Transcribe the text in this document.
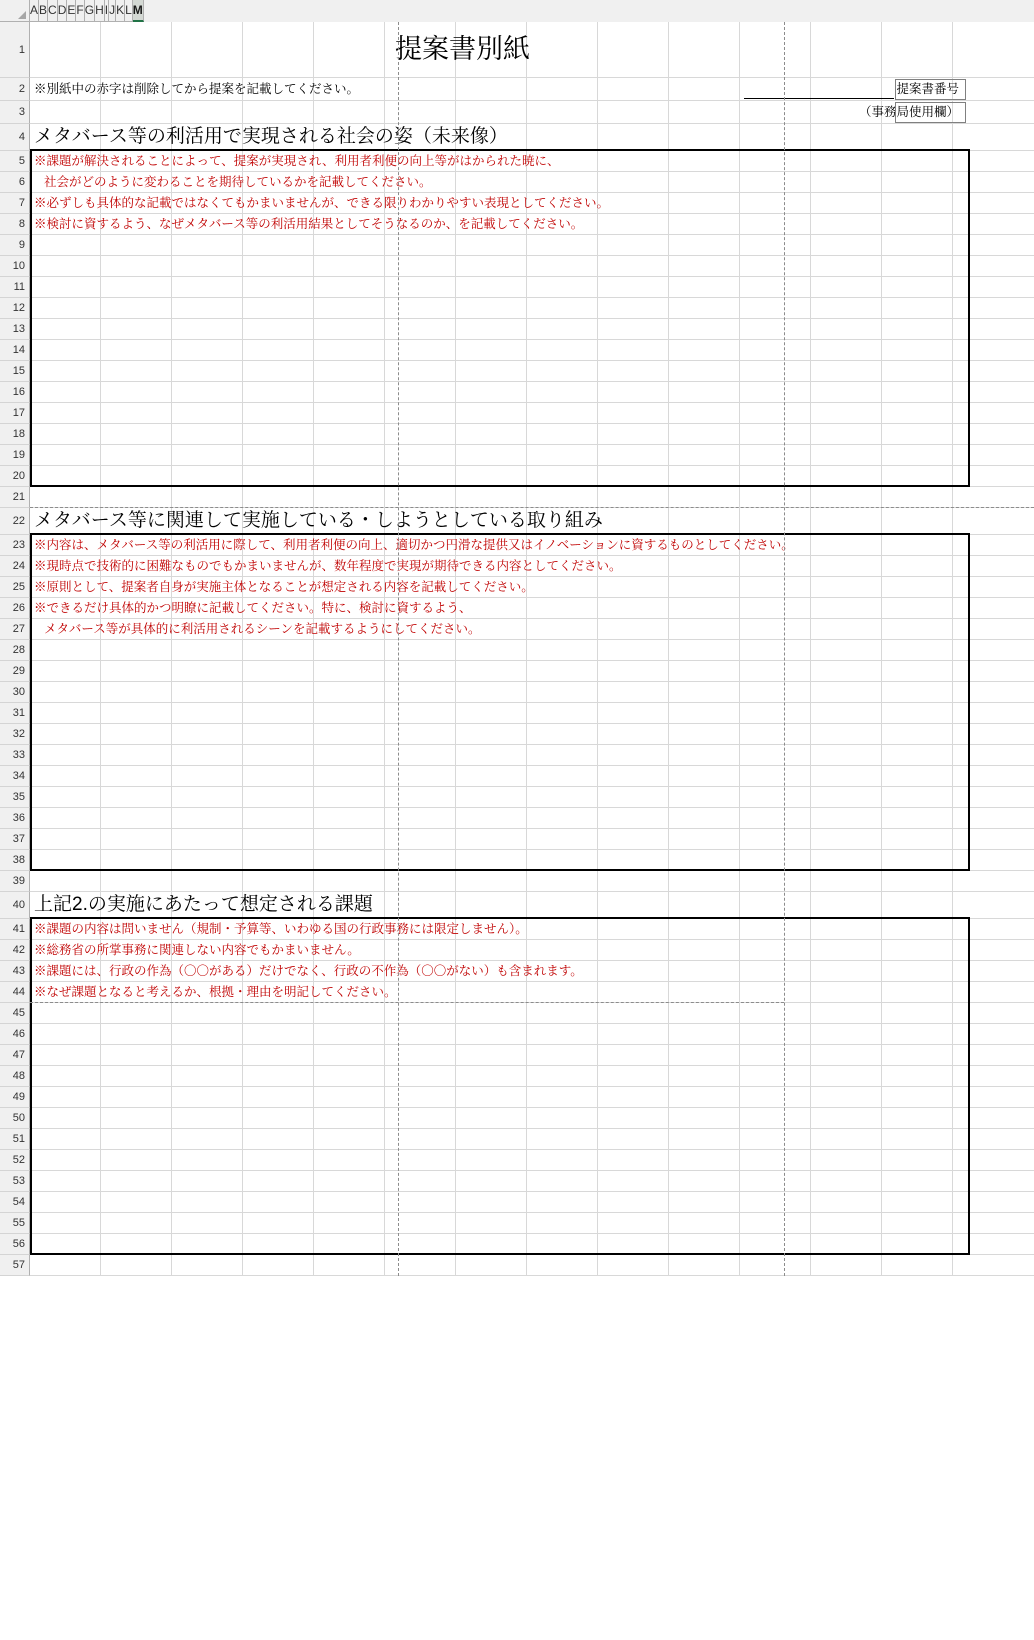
A B C D E F G H I J K L M
1
2
3
4
5
6
7
8
9
10
11
12
13
14
15
16
17
18
19
20
21
22
23
24
25
26
27
28
29
30
31
32
33
34
35
36
37
38
39
40
41
42
43
44
45
46
47
48
49
50
51
52
53
54
55
56
57
提案書別紙
※別紙中の赤字は削除してから提案を記載してください。	提案書番号
（事務局使用欄）
メタバース等の利活用で実現される社会の姿（未来像）
※課題が解決されることによって、提案が実現され、利用者利便の向上等がはかられた暁に、
社会がどのように変わることを期待しているかを記載してください。
※必ずしも具体的な記載ではなくてもかまいませんが、できる限りわかりやすい表現としてください。
※検討に資するよう、なぜメタバース等の利活用結果としてそうなるのか、を記載してください。
メタバース等に関連して実施している・しようとしている取り組み
※内容は、メタバース等の利活用に際して、利用者利便の向上、適切かつ円滑な提供又はイノベーションに資するものとしてください。
※現時点で技術的に困難なものでもかまいませんが、数年程度で実現が期待できる内容としてください。
※原則として、提案者自身が実施主体となることが想定される内容を記載してください。
※できるだけ具体的かつ明瞭に記載してください。特に、検討に資するよう、
メタバース等が具体的に利活用されるシーンを記載するようにしてください。
上記2.の実施にあたって想定される課題
※課題の内容は問いません（規制・予算等、いわゆる国の行政事務には限定しません）。
※総務省の所掌事務に関連しない内容でもかまいません。
※課題には、行政の作為（〇〇がある）だけでなく、行政の不作為（〇〇がない）も含まれます。
※なぜ課題となると考えるか、根拠・理由を明記してください。
